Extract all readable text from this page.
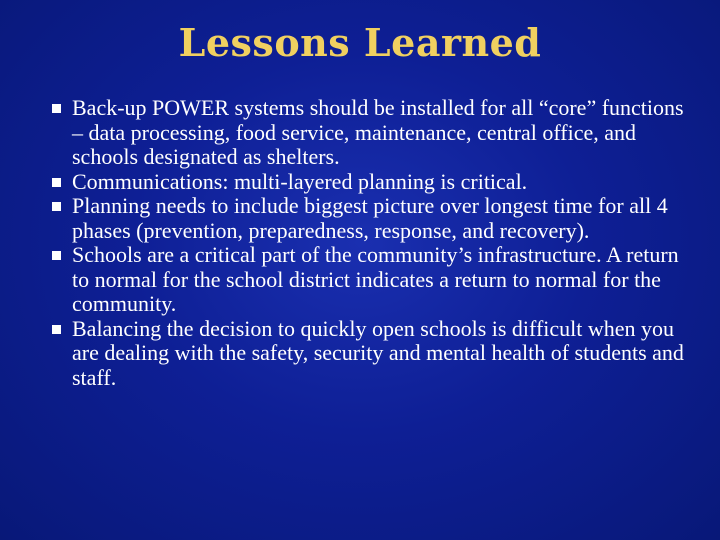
Lessons Learned
Back-up POWER systems should be installed for all “core” functions – data processing, food service, maintenance, central office, and schools designated as shelters.
Communications: multi-layered planning is critical.
Planning needs to include biggest picture over longest time for all 4 phases (prevention, preparedness, response, and recovery).
Schools are a critical part of the community’s infrastructure. A return to normal for the school district indicates a return to normal for the community.
Balancing the decision to quickly open schools is difficult when you are dealing with the safety, security and mental health of students and staff.
